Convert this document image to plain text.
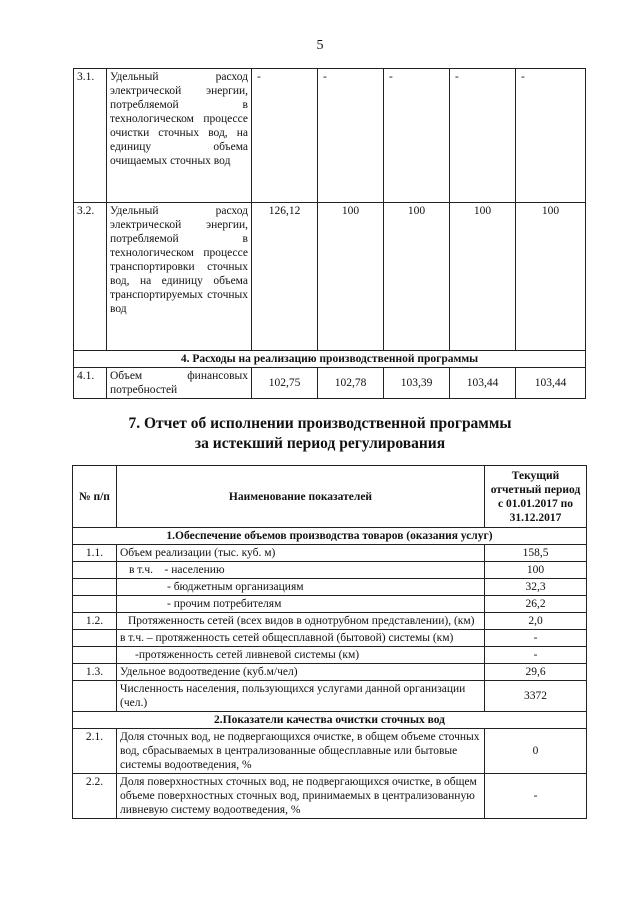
5
3.1.	Удельный расход электрической энергии, потребляемой в технологическом процессе очистки сточных вод, на единицу объема очищаемых сточных вод	-	-	-	-	-
3.2.	Удельный расход электрической энергии, потребляемой в технологическом процессе транспортировки сточных вод, на единицу объема транспортируемых сточных вод	126,12	100	100	100	100
4. Расходы на реализацию производственной программы						
4.1.	Объем финансовых потребностей	102,75	102,78	103,39	103,44	103,44
7. Отчет об исполнении производственной программы
за истекший период регулирования
№ п/п	Наименование показателей	Текущий отчетный период с 01.01.2017 по 31.12.2017
1.Обеспечение объемов производства товаров (оказания услуг)		
1.1.	Объем реализации (тыс. куб. м)	158,5
	в т.ч.    - населению	100
	- бюджетным организациям	32,3
	- прочим потребителям	26,2
1.2.	Протяженность сетей (всех видов в однотрубном представлении), (км)	2,0
	в т.ч. – протяженность сетей общесплавной (бытовой) системы (км)	-
	-протяженность сетей ливневой системы (км)	-
1.3.	Удельное водоотведение (куб.м/чел)	29,6
	Численность населения, пользующихся услугами данной организации (чел.)	3372
2.Показатели качества очистки сточных вод		
2.1.	Доля сточных вод, не подвергающихся очистке, в общем объеме сточных вод, сбрасываемых в централизованные общесплавные или бытовые системы водоотведения, %	0
2.2.	Доля поверхностных сточных вод, не подвергающихся очистке, в общем объеме поверхностных сточных вод, принимаемых в централизованную ливневую систему водоотведения, %	-
